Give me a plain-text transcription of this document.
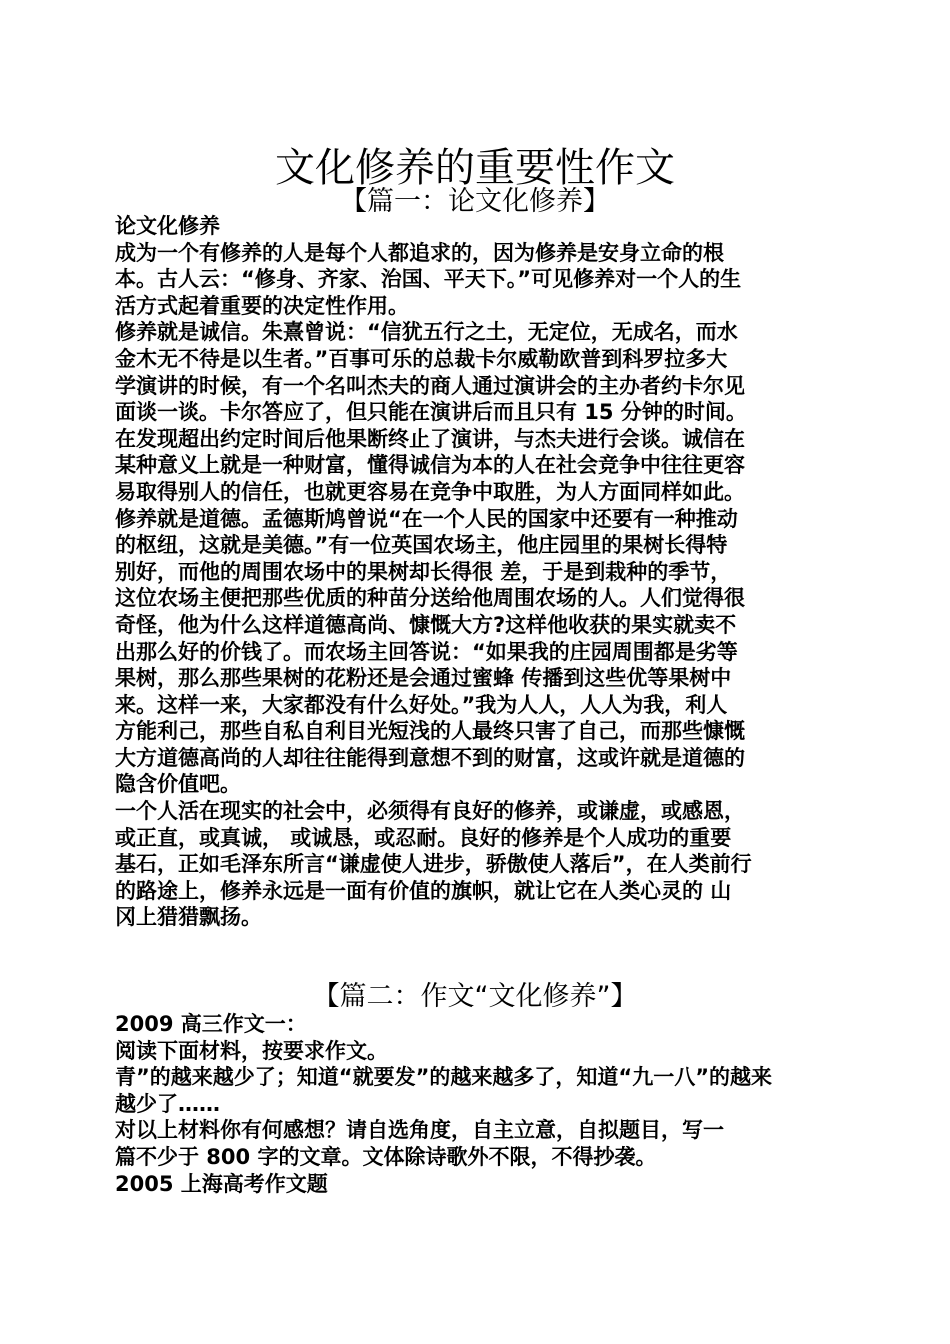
文化修养的重要性作文
【篇一：论文化修养】
论文化修养
成为一个有修养的人是每个人都追求的，因为修养是安身立命的根
本。古人云：“修身、齐家、治国、平天下。”可见修养对一个人的生
活方式起着重要的决定性作用。
修养就是诚信。朱熹曾说：“信犹五行之土，无定位，无成名，而水
金木无不待是以生者。”百事可乐的总裁卡尔威勒欧普到科罗拉多大
学演讲的时候，有一个名叫杰夫的商人通过演讲会的主办者约卡尔见
面谈一谈。卡尔答应了，但只能在演讲后而且只有 15 分钟的时间。
在发现超出约定时间后他果断终止了演讲，与杰夫进行会谈。诚信在
某种意义上就是一种财富，懂得诚信为本的人在社会竞争中往往更容
易取得别人的信任，也就更容易在竞争中取胜，为人方面同样如此。
修养就是道德。孟德斯鸠曾说“在一个人民的国家中还要有一种推动
的枢纽，这就是美德。”有一位英国农场主，他庄园里的果树长得特
别好，而他的周围农场中的果树却长得很 差，于是到栽种的季节，
这位农场主便把那些优质的种苗分送给他周围农场的人。人们觉得很
奇怪，他为什么这样道德高尚、慷慨大方?这样他收获的果实就卖不
出那么好的价钱了。而农场主回答说：“如果我的庄园周围都是劣等
果树，那么那些果树的花粉还是会通过蜜蜂 传播到这些优等果树中
来。这样一来，大家都没有什么好处。”我为人人，人人为我，利人
方能利己，那些自私自利目光短浅的人最终只害了自己，而那些慷慨
大方道德高尚的人却往往能得到意想不到的财富，这或许就是道德的
隐含价值吧。
一个人活在现实的社会中，必须得有良好的修养，或谦虚，或感恩，
或正直，或真诚， 或诚恳，或忍耐。良好的修养是个人成功的重要
基石，正如毛泽东所言“谦虚使人进步，骄傲使人落后”，在人类前行
的路途上，修养永远是一面有价值的旗帜，就让它在人类心灵的 山
冈上猎猎飘扬。
【篇二：作文“文化修养”】
2009 高三作文一：
阅读下面材料，按要求作文。
青”的越来越少了；知道“就要发”的越来越多了，知道“九一八”的越来
越少了……
对以上材料你有何感想？请自选角度，自主立意，自拟题目，写一
篇不少于 800 字的文章。文体除诗歌外不限，不得抄袭。
2005 上海高考作文题
